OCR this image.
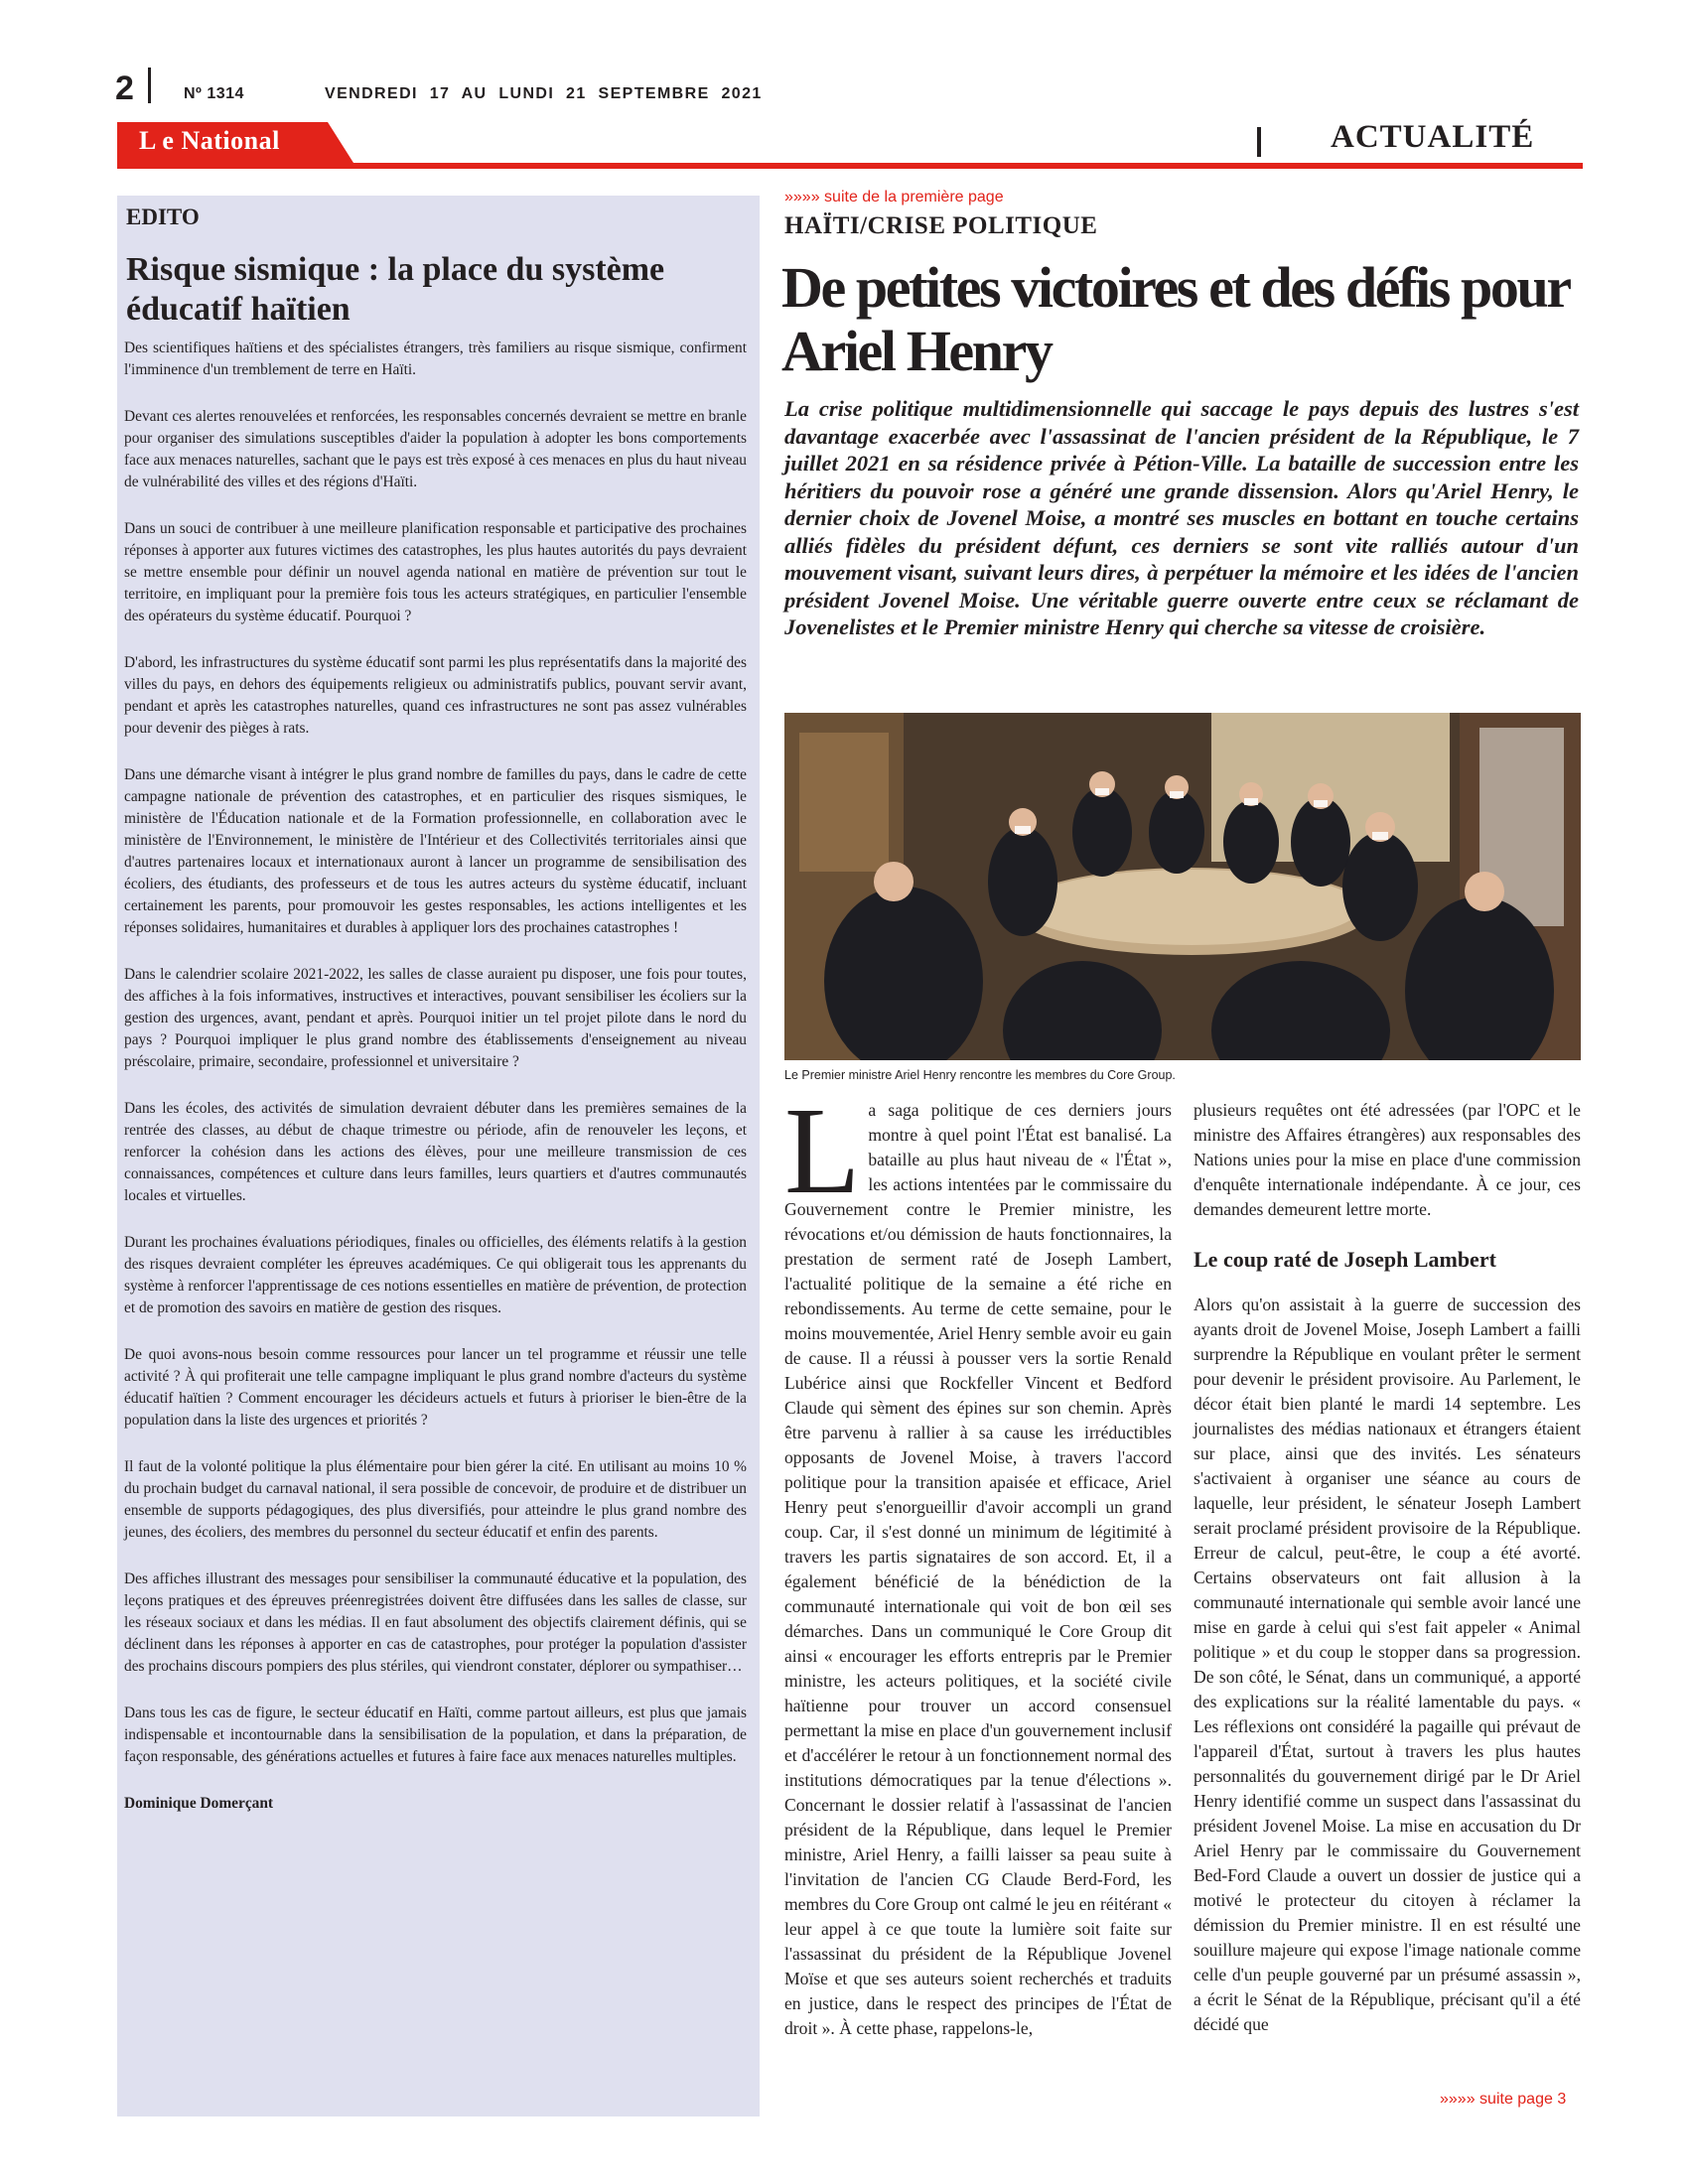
2	Nº 1314	VENDREDI 17 AU LUNDI 21 SEPTEMBRE 2021
L e National	ACTUALITÉ
EDITO
Risque sismique : la place du système éducatif haïtien

Des scientifiques haïtiens et des spécialistes étrangers, très familiers au risque sismique, confirment l'imminence d'un tremblement de terre en Haïti.

Devant ces alertes renouvelées et renforcées, les responsables concernés devraient se mettre en branle pour organiser des simulations susceptibles d'aider la population à adopter les bons comportements face aux menaces naturelles, sachant que le pays est très exposé à ces menaces en plus du haut niveau de vulnérabilité des villes et des régions d'Haïti.

Dans un souci de contribuer à une meilleure planification responsable et participative des prochaines réponses à apporter aux futures victimes des catastrophes, les plus hautes autorités du pays devraient se mettre ensemble pour définir un nouvel agenda national en matière de prévention sur tout le territoire, en impliquant pour la première fois tous les acteurs stratégiques, en particulier l'ensemble des opérateurs du système éducatif. Pourquoi ?

D'abord, les infrastructures du système éducatif sont parmi les plus représentatifs dans la majorité des villes du pays, en dehors des équipements religieux ou administratifs publics, pouvant servir avant, pendant et après les catastrophes naturelles, quand ces infrastructures ne sont pas assez vulnérables pour devenir des pièges à rats.

Dans une démarche visant à intégrer le plus grand nombre de familles du pays, dans le cadre de cette campagne nationale de prévention des catastrophes, et en particulier des risques sismiques, le ministère de l'Éducation nationale et de la Formation professionnelle, en collaboration avec le ministère de l'Environnement, le ministère de l'Intérieur et des Collectivités territoriales ainsi que d'autres partenaires locaux et internationaux auront à lancer un programme de sensibilisation des écoliers, des étudiants, des professeurs et de tous les autres acteurs du système éducatif, incluant certainement les parents, pour promouvoir les gestes responsables, les actions intelligentes et les réponses solidaires, humanitaires et durables à appliquer lors des prochaines catastrophes !

Dans le calendrier scolaire 2021-2022, les salles de classe auraient pu disposer, une fois pour toutes, des affiches à la fois informatives, instructives et interactives, pouvant sensibiliser les écoliers sur la gestion des urgences, avant, pendant et après. Pourquoi initier un tel projet pilote dans le nord du pays ? Pourquoi impliquer le plus grand nombre des établissements d'enseignement au niveau préscolaire, primaire, secondaire, professionnel et universitaire ?

Dans les écoles, des activités de simulation devraient débuter dans les premières semaines de la rentrée des classes, au début de chaque trimestre ou période, afin de renouveler les leçons, et renforcer la cohésion dans les actions des élèves, pour une meilleure transmission de ces connaissances, compétences et culture dans leurs familles, leurs quartiers et d'autres communautés locales et virtuelles.

Durant les prochaines évaluations périodiques, finales ou officielles, des éléments relatifs à la gestion des risques devraient compléter les épreuves académiques. Ce qui obligerait tous les apprenants du système à renforcer l'apprentissage de ces notions essentielles en matière de prévention, de protection et de promotion des savoirs en matière de gestion des risques.

De quoi avons-nous besoin comme ressources pour lancer un tel programme et réussir une telle activité ? À qui profiterait une telle campagne impliquant le plus grand nombre d'acteurs du système éducatif haïtien ? Comment encourager les décideurs actuels et futurs à prioriser le bien-être de la population dans la liste des urgences et priorités ?

Il faut de la volonté politique la plus élémentaire pour bien gérer la cité. En utilisant au moins 10 % du prochain budget du carnaval national, il sera possible de concevoir, de produire et de distribuer un ensemble de supports pédagogiques, des plus diversifiés, pour atteindre le plus grand nombre des jeunes, des écoliers, des membres du personnel du secteur éducatif et enfin des parents.

Des affiches illustrant des messages pour sensibiliser la communauté éducative et la population, des leçons pratiques et des épreuves préenregistrées doivent être diffusées dans les salles de classe, sur les réseaux sociaux et dans les médias. Il en faut absolument des objectifs clairement définis, qui se déclinent dans les réponses à apporter en cas de catastrophes, pour protéger la population d'assister des prochains discours pompiers des plus stériles, qui viendront constater, déplorer ou sympathiser…

Dans tous les cas de figure, le secteur éducatif en Haïti, comme partout ailleurs, est plus que jamais indispensable et incontournable dans la sensibilisation de la population, et dans la préparation, de façon responsable, des générations actuelles et futures à faire face aux menaces naturelles multiples.

Dominique Domerçant

»»»» suite de la première page
HAÏTI/CRISE POLITIQUE
De petites victoires et des défis pour Ariel Henry
La crise politique multidimensionnelle qui saccage le pays depuis des lustres s'est davantage exacerbée avec l'assassinat de l'ancien président de la République, le 7 juillet 2021 en sa résidence privée à Pétion-Ville. La bataille de succession entre les héritiers du pouvoir rose a généré une grande dissension. Alors qu'Ariel Henry, le dernier choix de Jovenel Moise, a montré ses muscles en bottant en touche certains alliés fidèles du président défunt, ces derniers se sont vite ralliés autour d'un mouvement visant, suivant leurs dires, à perpétuer la mémoire et les idées de l'ancien président Jovenel Moise. Une véritable guerre ouverte entre ceux se réclamant de Jovenelistes et le Premier ministre Henry qui cherche sa vitesse de croisière.
Le Premier ministre Ariel Henry rencontre les membres du Core Group.

La saga politique de ces derniers jours montre à quel point l'État est banalisé. La bataille au plus haut niveau de « l'État », les actions intentées par le commissaire du Gouvernement contre le Premier ministre, les révocations et/ou démission de hauts fonctionnaires, la prestation de serment raté de Joseph Lambert, l'actualité politique de la semaine a été riche en rebondissements. Au terme de cette semaine, pour le moins mouvementée, Ariel Henry semble avoir eu gain de cause. Il a réussi à pousser vers la sortie Renald Lubérice ainsi que Rockfeller Vincent et Bedford Claude qui sèment des épines sur son chemin. Après être parvenu à rallier à sa cause les irréductibles opposants de Jovenel Moise, à travers l'accord politique pour la transition apaisée et efficace, Ariel Henry peut s'enorgueillir d'avoir accompli un grand coup. Car, il s'est donné un minimum de légitimité à travers les partis signataires de son accord. Et, il a également bénéficié de la bénédiction de la communauté internationale qui voit de bon œil ses démarches. Dans un communiqué le Core Group dit ainsi « encourager les efforts entrepris par le Premier ministre, les acteurs politiques, et la société civile haïtienne pour trouver un accord consensuel permettant la mise en place d'un gouvernement inclusif et d'accélérer le retour à un fonctionnement normal des institutions démocratiques par la tenue d'élections ». Concernant le dossier relatif à l'assassinat de l'ancien président de la République, dans lequel le Premier ministre, Ariel Henry, a failli laisser sa peau suite à l'invitation de l'ancien CG Claude Berd-Ford, les membres du Core Group ont calmé le jeu en réitérant « leur appel à ce que toute la lumière soit faite sur l'assassinat du président de la République Jovenel Moïse et que ses auteurs soient recherchés et traduits en justice, dans le respect des principes de l'État de droit ». À cette phase, rappelons-le,

plusieurs requêtes ont été adressées (par l'OPC et le ministre des Affaires étrangères) aux responsables des Nations unies pour la mise en place d'une commission d'enquête internationale indépendante. À ce jour, ces demandes demeurent lettre morte.

Le coup raté de Joseph Lambert

Alors qu'on assistait à la guerre de succession des ayants droit de Jovenel Moise, Joseph Lambert a failli surprendre la République en voulant prêter le serment pour devenir le président provisoire. Au Parlement, le décor était bien planté le mardi 14 septembre. Les journalistes des médias nationaux et étrangers étaient sur place, ainsi que des invités. Les sénateurs s'activaient à organiser une séance au cours de laquelle, leur président, le sénateur Joseph Lambert serait proclamé président provisoire de la République. Erreur de calcul, peut-être, le coup a été avorté. Certains observateurs ont fait allusion à la communauté internationale qui semble avoir lancé une mise en garde à celui qui s'est fait appeler « Animal politique » et du coup le stopper dans sa progression. De son côté, le Sénat, dans un communiqué, a apporté des explications sur la réalité lamentable du pays. « Les réflexions ont considéré la pagaille qui prévaut de l'appareil d'État, surtout à travers les plus hautes personnalités du gouvernement dirigé par le Dr Ariel Henry identifié comme un suspect dans l'assassinat du président Jovenel Moise. La mise en accusation du Dr Ariel Henry par le commissaire du Gouvernement Bed-Ford Claude a ouvert un dossier de justice qui a motivé le protecteur du citoyen à réclamer la démission du Premier ministre. Il en est résulté une souillure majeure qui expose l'image nationale comme celle d'un peuple gouverné par un présumé assassin », a écrit le Sénat de la République, précisant qu'il a été décidé que

»»»» suite page 3
